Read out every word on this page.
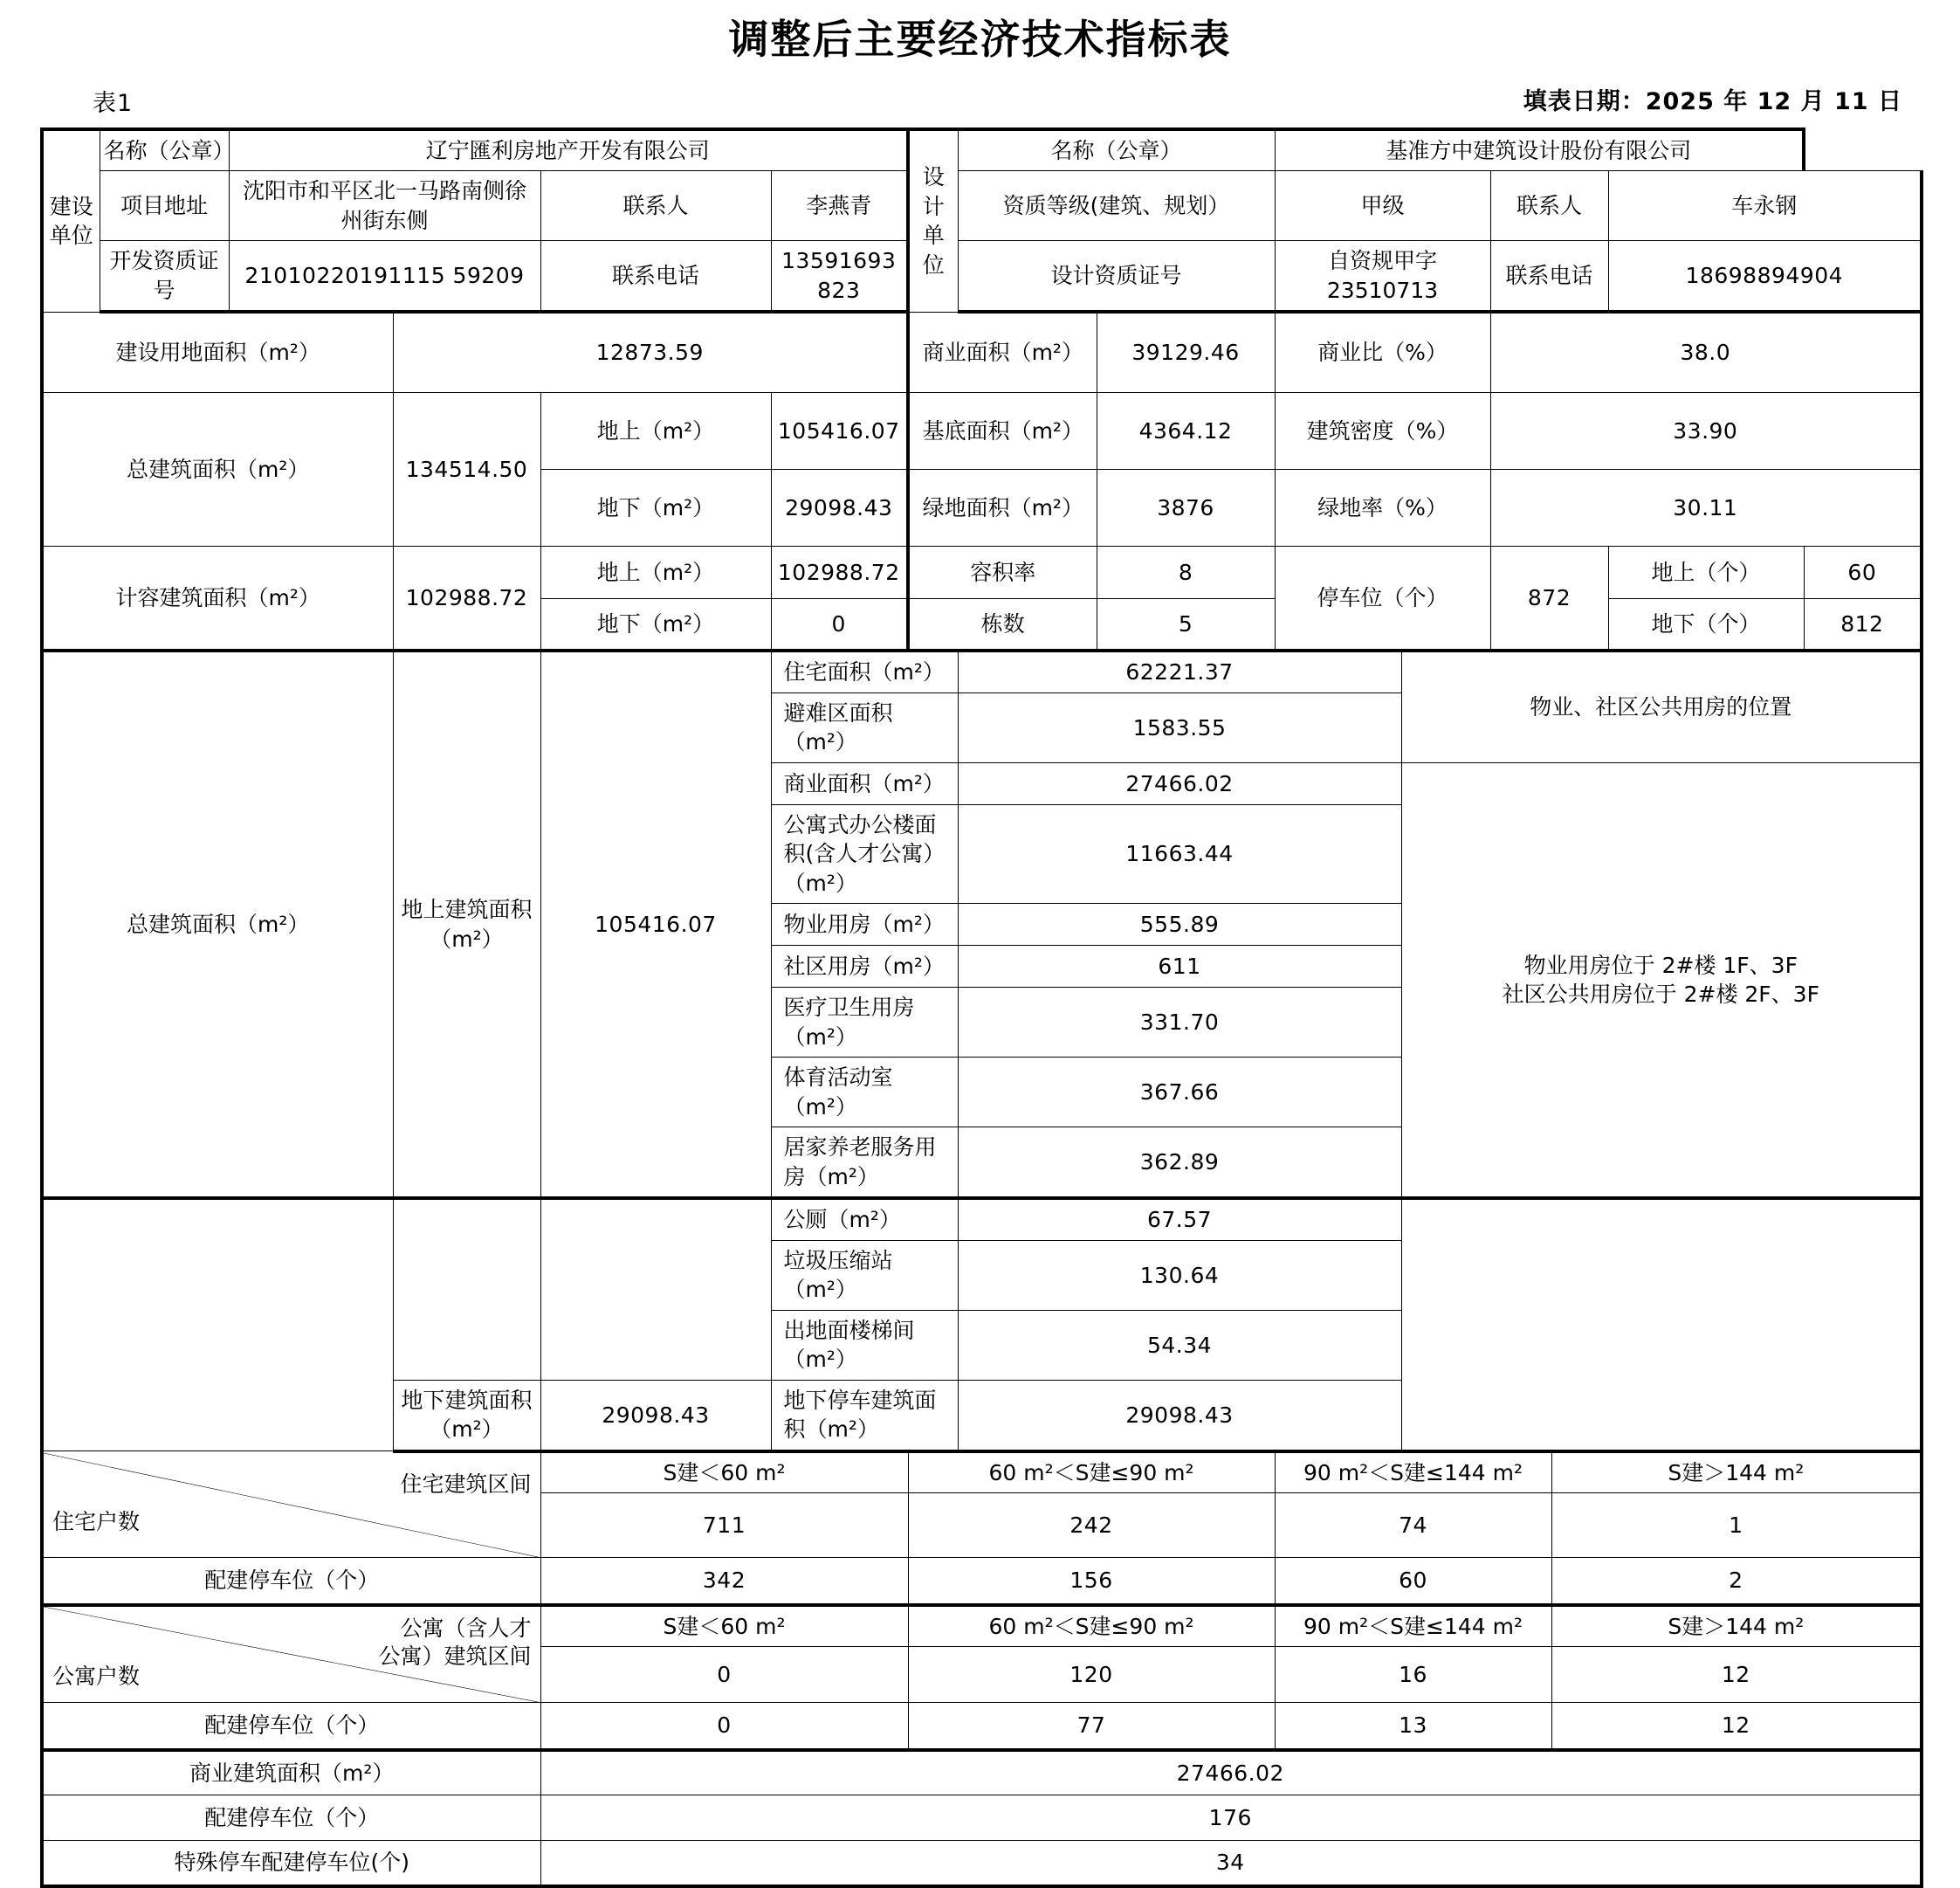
调整后主要经济技术指标表
表1	填表日期：2025 年 12 月 11 日
建设单位	名称（公章）	辽宁匯利房地产开发有限公司				设计单位	名称（公章）		基准方中建筑设计股份有限公司					
	项目地址	沈阳市和平区北一马路南侧徐州街东侧		联系人	李燕青		资质等级(建筑、规划）		甲级		联系人		车永钢	
	开发资质证号	21010220191115 59209		联系电话	13591693823		设计资质证号		自资规甲字 23510713		联系电话		18698894904	
建设用地面积（m²）			12873.59			商业面积（m²）		39129.46	商业比（%）		38.0			
总建筑面积（m²）			134514.50	地上（m²）	105416.07	基底面积（m²）		4364.12	建筑密度（%）		33.90			
				地下（m²）	29098.43	绿地面积（m²）		3876	绿地率（%）		30.11			
计容建筑面积（m²）			102988.72	地上（m²）	102988.72	容积率		8	停车位（个）		872		地上（个）	60
				地下（m²）	0	栋数		5					地下（个）	812
总建筑面积（m²）			地上建筑面积（m²）	105416.07	住宅面积（m²）		62221.37			物业、社区公共用房的位置				
					避难区面积（m²）		1583.55							
					商业面积（m²）		27466.02			物业用房位于 2#楼 1F、3F
社区公共用房位于 2#楼 2F、3F				

					公寓式办公楼面积(含人才公寓）（m²）		11663.44							
					物业用房（m²）		555.89							
					社区用房（m²）		611							
					医疗卫生用房（m²）		331.70							
					体育活动室（m²）		367.66							
					居家养老服务用房（m²）		362.89							
					公厕（m²）		67.57							
					垃圾压缩站（m²）		130.64							
					出地面楼梯间（m²）		54.34							
			地下建筑面积（m²）	29098.43	地下停车建筑面积（m²）		29098.43							

住宅建筑区间
住宅户数				S建＜60 m²		60 m²＜S建≤90 m²			90 m²＜S建≤144 m²			S建＞144 m²		
				711		242			74			1		
配建停车位（个）				342		156			60			2		

公寓（含人才
公寓）建筑区间
公寓户数				S建＜60 m²		60 m²＜S建≤90 m²			90 m²＜S建≤144 m²			S建＞144 m²		
				0		120			16			12		
配建停车位（个）				0		77			13			12		
商业建筑面积（m²）				27466.02										
配建停车位（个）				176										
特殊停车配建停车位(个)				34										
